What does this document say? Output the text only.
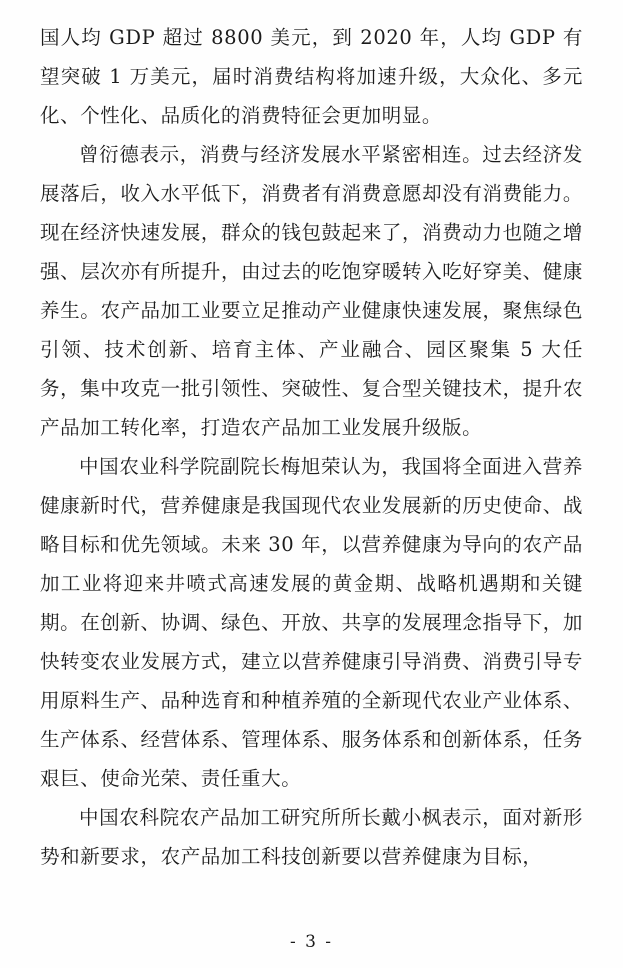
国人均 GDP 超过 8800 美元，到 2020 年，人均 GDP 有望突破 1 万美元，届时消费结构将加速升级，大众化、多元化、个性化、品质化的消费特征会更加明显。

曾衍德表示，消费与经济发展水平紧密相连。过去经济发展落后，收入水平低下，消费者有消费意愿却没有消费能力。现在经济快速发展，群众的钱包鼓起来了，消费动力也随之增强、层次亦有所提升，由过去的吃饱穿暖转入吃好穿美、健康养生。农产品加工业要立足推动产业健康快速发展，聚焦绿色引领、技术创新、培育主体、产业融合、园区聚集 5 大任务，集中攻克一批引领性、突破性、复合型关键技术，提升农产品加工转化率，打造农产品加工业发展升级版。

中国农业科学院副院长梅旭荣认为，我国将全面进入营养健康新时代，营养健康是我国现代农业发展新的历史使命、战略目标和优先领域。未来 30 年，以营养健康为导向的农产品加工业将迎来井喷式高速发展的黄金期、战略机遇期和关键期。在创新、协调、绿色、开放、共享的发展理念指导下，加快转变农业发展方式，建立以营养健康引导消费、消费引导专用原料生产、品种选育和种植养殖的全新现代农业产业体系、生产体系、经营体系、管理体系、服务体系和创新体系，任务艰巨、使命光荣、责任重大。

中国农科院农产品加工研究所所长戴小枫表示，面对新形势和新要求，农产品加工科技创新要以营养健康为目标，

- 3 -
